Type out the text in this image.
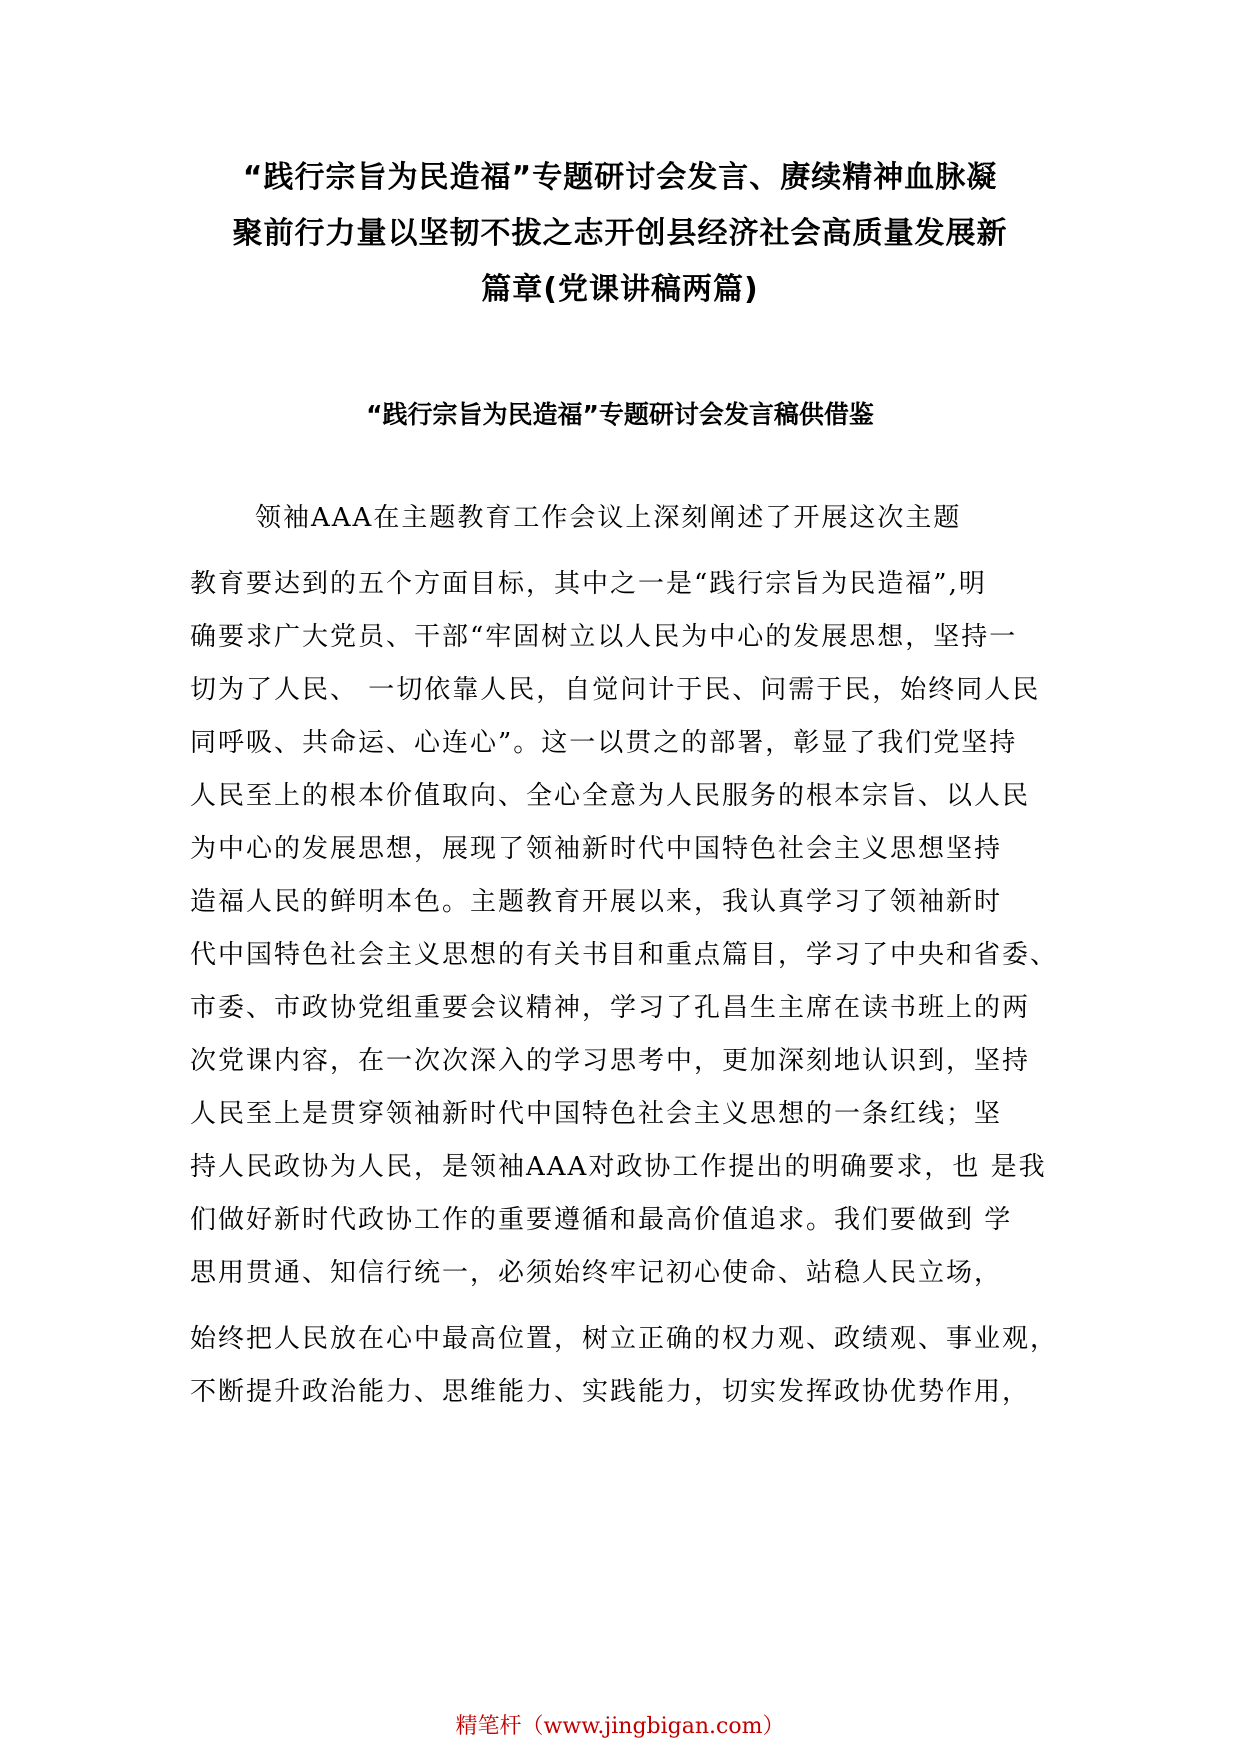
“践行宗旨为民造福”专题研讨会发言、赓续精神血脉凝
聚前行力量以坚韧不拔之志开创县经济社会高质量发展新
篇章(党课讲稿两篇)
“践行宗旨为民造福”专题研讨会发言稿供借鉴
领袖AAA在主题教育工作会议上深刻阐述了开展这次主题
教育要达到的五个方面目标，其中之一是“践行宗旨为民造福”,明
确要求广大党员、干部“牢固树立以人民为中心的发展思想，坚持一
切为了人民、 一切依靠人民，自觉问计于民、问需于民，始终同人民
同呼吸、共命运、心连心”。这一以贯之的部署，彰显了我们党坚持
人民至上的根本价值取向、全心全意为人民服务的根本宗旨、以人民
为中心的发展思想，展现了领袖新时代中国特色社会主义思想坚持
造福人民的鲜明本色。主题教育开展以来，我认真学习了领袖新时
代中国特色社会主义思想的有关书目和重点篇目，学习了中央和省委、
市委、市政协党组重要会议精神，学习了孔昌生主席在读书班上的两
次党课内容，在一次次深入的学习思考中，更加深刻地认识到，坚持
人民至上是贯穿领袖新时代中国特色社会主义思想的一条红线；坚
持人民政协为人民，是领袖AAA对政协工作提出的明确要求，也 是我
们做好新时代政协工作的重要遵循和最高价值追求。我们要做到 学
思用贯通、知信行统一，必须始终牢记初心使命、站稳人民立场，
始终把人民放在心中最高位置，树立正确的权力观、政绩观、事业观，
不断提升政治能力、思维能力、实践能力，切实发挥政协优势作用，
精笔杆（www.jingbigan.com）
